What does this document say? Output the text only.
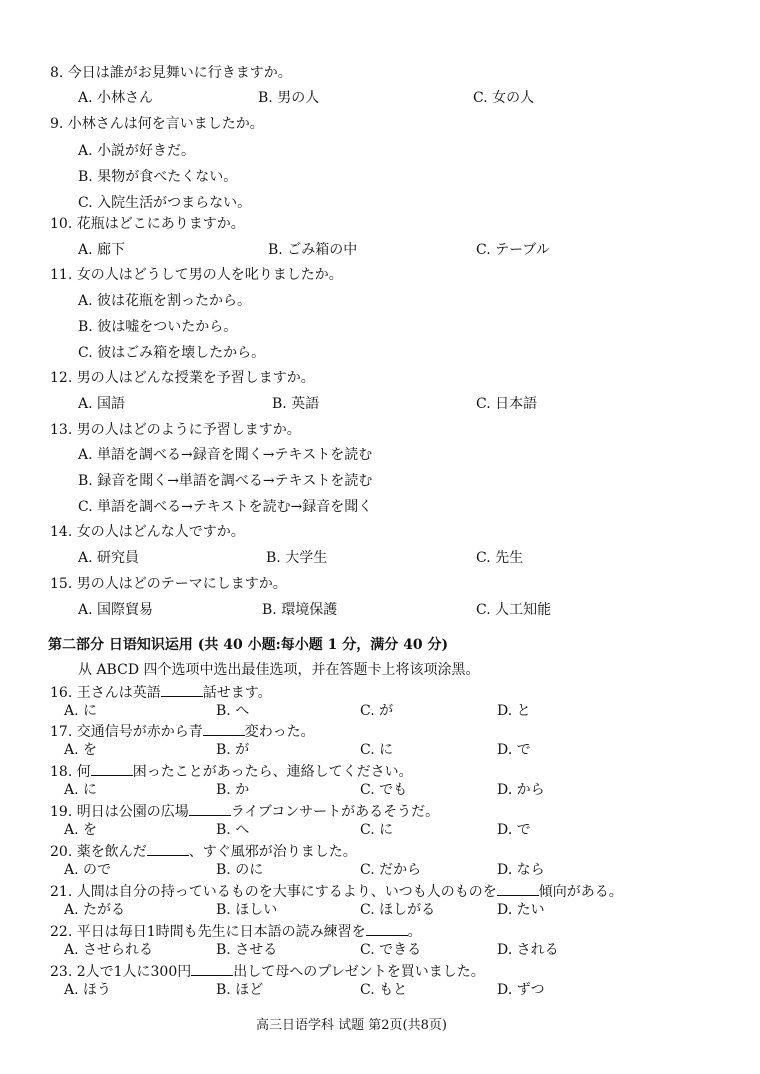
8. 今日は誰がお見舞いに行きますか。
A. 小林さん	B. 男の人	C. 女の人
9. 小林さんは何を言いましたか。
A. 小説が好きだ。
B. 果物が食べたくない。
C. 入院生活がつまらない。
10. 花瓶はどこにありますか。
A. 廊下	B. ごみ箱の中	C. テーブル
11. 女の人はどうして男の人を叱りましたか。
A. 彼は花瓶を割ったから。
B. 彼は嘘をついたから。
C. 彼はごみ箱を壊したから。
12. 男の人はどんな授業を予習しますか。
A. 国語	B. 英語	C. 日本語
13. 男の人はどのように予習しますか。
A. 単語を調べる→録音を聞く→テキストを読む
B. 録音を聞く→単語を調べる→テキストを読む
C. 単語を調べる→テキストを読む→録音を聞く
14. 女の人はどんな人ですか。
A. 研究員	B. 大学生	C. 先生
15. 男の人はどのテーマにしますか。
A. 国際貿易	B. 環境保護	C. 人工知能
第二部分 日语知识运用 (共 40 小题:每小题 1 分，满分 40 分)
从 ABCD 四个选项中选出最佳选项，并在答题卡上将该项涂黑。
16. 王さんは英語	話せます。
A. に	B. へ	C. が	D. と
17. 交通信号が赤から青	変わった。
A. を	B. が	C. に	D. で
18. 何	困ったことがあったら、連絡してください。
A. に	B. か	C. でも	D. から
19. 明日は公園の広場	ライブコンサートがあるそうだ。
A. を	B. へ	C. に	D. で
20. 薬を飲んだ	、すぐ風邪が治りました。
A. ので	B. のに	C. だから	D. なら
21. 人間は自分の持っているものを大事にするより、いつも人のものを	傾向がある。
A. たがる	B. ほしい	C. ほしがる	D. たい
22. 平日は毎日1時間も先生に日本語の読み練習を	。
A. させられる	B. させる	C. できる	D. される
23. 2人で1人に300円	出して母へのプレゼントを買いました。
A. ほう	B. ほど	C. もと	D. ずつ
高三日语学科 试题 第2页(共8页)
